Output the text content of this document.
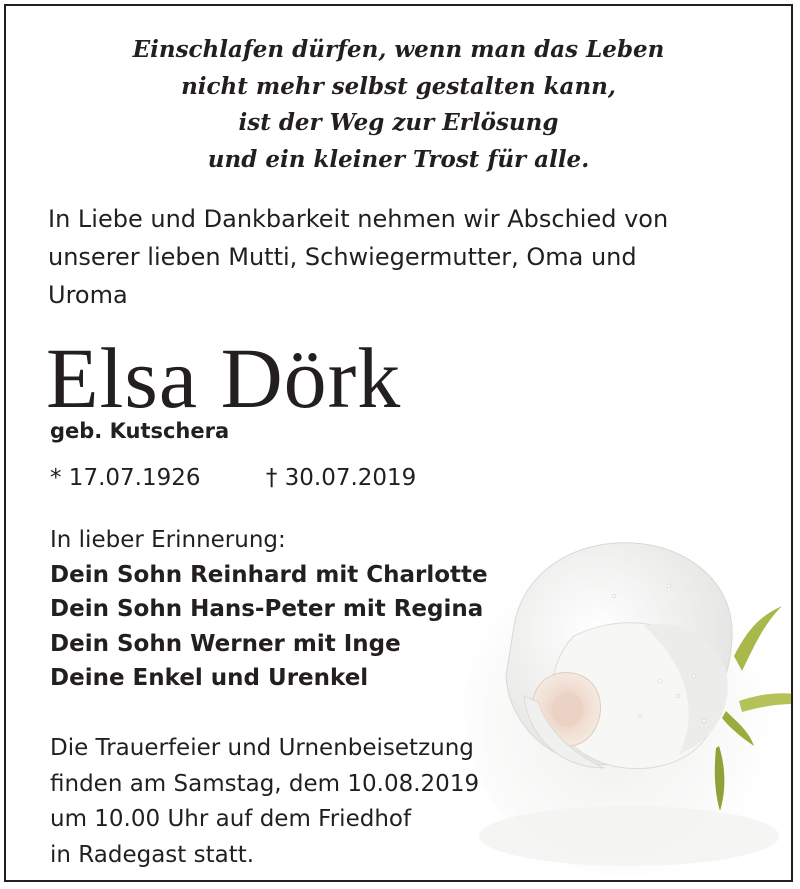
Einschlafen dürfen, wenn man das Leben
nicht mehr selbst gestalten kann,
ist der Weg zur Erlösung
und ein kleiner Trost für alle.
In Liebe und Dankbarkeit nehmen wir Abschied von
unserer lieben Mutti, Schwiegermutter, Oma und
Uroma
Elsa Dörk
geb. Kutschera
* 17.07.1926	† 30.07.2019
In lieber Erinnerung:
Dein Sohn Reinhard mit Charlotte
Dein Sohn Hans-Peter mit Regina
Dein Sohn Werner mit Inge
Deine Enkel und Urenkel
Die Trauerfeier und Urnenbeisetzung
finden am Samstag, dem 10.08.2019
um 10.00 Uhr auf dem Friedhof
in Radegast statt.
